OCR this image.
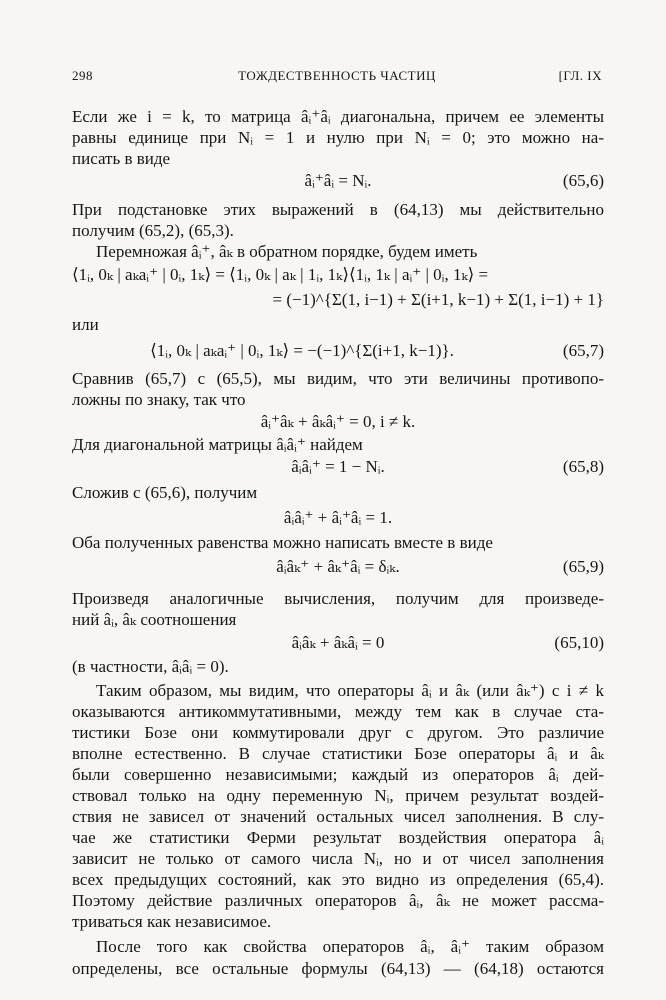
298	ТОЖДЕСТВЕННОСТЬ ЧАСТИЦ	[ГЛ. IX
Если же i = k, то матрица âᵢ⁺âᵢ диагональна, причем ее элементы
равны единице при Nᵢ = 1 и нулю при Nᵢ = 0; это можно на-
писать в виде
âᵢ⁺âᵢ = Nᵢ.	(65,6)
При подстановке этих выражений в (64,13) мы действительно
получим (65,2), (65,3).
Перемножая âᵢ⁺, âₖ в обратном порядке, будем иметь
⟨1ᵢ, 0ₖ | aₖaᵢ⁺ | 0ᵢ, 1ₖ⟩ = ⟨1ᵢ, 0ₖ | aₖ | 1ᵢ, 1ₖ⟩⟨1ᵢ, 1ₖ | aᵢ⁺ | 0ᵢ, 1ₖ⟩ =
= (−1)^{Σ(1, i−1) + Σ(i+1, k−1) + Σ(1, i−1) + 1}
или
⟨1ᵢ, 0ₖ | aₖaᵢ⁺ | 0ᵢ, 1ₖ⟩ = −(−1)^{Σ(i+1, k−1)}.	(65,7)
Сравнив (65,7) с (65,5), мы видим, что эти величины противопо-
ложны по знаку, так что
âᵢ⁺âₖ + âₖâᵢ⁺ = 0, i ≠ k.
Для диагональной матрицы âᵢâᵢ⁺ найдем
âᵢâᵢ⁺ = 1 − Nᵢ.	(65,8)
Сложив с (65,6), получим
âᵢâᵢ⁺ + âᵢ⁺âᵢ = 1.
Оба полученных равенства можно написать вместе в виде
âᵢâₖ⁺ + âₖ⁺âᵢ = δᵢₖ.	(65,9)
Произведя аналогичные вычисления, получим для произведе-
ний âᵢ, âₖ соотношения
âᵢâₖ + âₖâᵢ = 0	(65,10)
(в частности, âᵢâᵢ = 0).
Таким образом, мы видим, что операторы âᵢ и âₖ (или âₖ⁺) с i ≠ k
оказываются антикоммутативными, между тем как в случае ста-
тистики Бозе они коммутировали друг с другом. Это различие
вполне естественно. В случае статистики Бозе операторы âᵢ и âₖ
были совершенно независимыми; каждый из операторов âᵢ дей-
ствовал только на одну переменную Nᵢ, причем результат воздей-
ствия не зависел от значений остальных чисел заполнения. В слу-
чае же статистики Ферми результат воздействия оператора âᵢ
зависит не только от самого числа Nᵢ, но и от чисел заполнения
всех предыдущих состояний, как это видно из определения (65,4).
Поэтому действие различных операторов âᵢ, âₖ не может рассма-
триваться как независимое.
После того как свойства операторов âᵢ, âᵢ⁺ таким образом
определены, все остальные формулы (64,13) — (64,18) остаются
